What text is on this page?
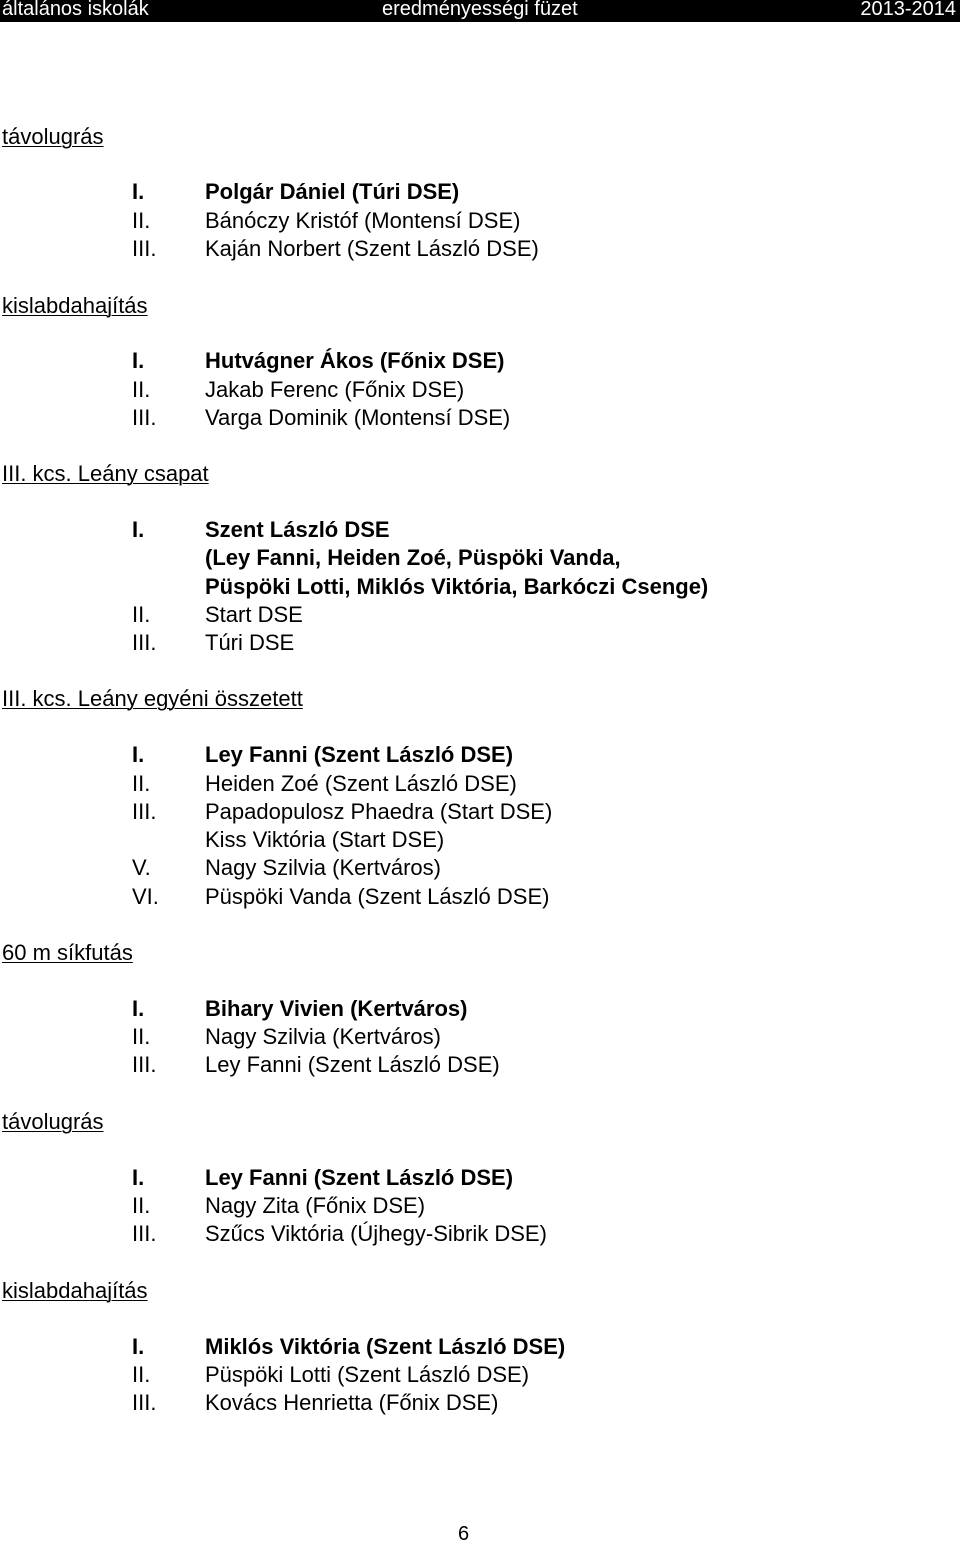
általános iskolák	eredményességi füzet	2013-2014
távolugrás
I.	Polgár Dániel (Túri DSE)
II. Bánóczy Kristóf (Montensí DSE)
III. Kaján Norbert (Szent László DSE)
kislabdahajítás
I.	Hutvágner Ákos (Főnix DSE)
II. Jakab Ferenc (Főnix DSE)
III. Varga Dominik (Montensí DSE)
III. kcs. Leány csapat
I.	Szent László DSE
(Ley Fanni, Heiden Zoé, Püspöki Vanda,
Püspöki Lotti, Miklós Viktória, Barkóczi Csenge)
II. Start DSE
III. Túri DSE
III. kcs. Leány egyéni összetett
I.	Ley Fanni (Szent László DSE)
II. Heiden Zoé (Szent László DSE)
III. Papadopulosz Phaedra (Start DSE)
Kiss Viktória (Start DSE)
V. Nagy Szilvia (Kertváros)
VI. Püspöki Vanda (Szent László DSE)
60 m síkfutás
I.	Bihary Vivien (Kertváros)
II. Nagy Szilvia (Kertváros)
III. Ley Fanni (Szent László DSE)
távolugrás
I.	Ley Fanni (Szent László DSE)
II. Nagy Zita (Főnix DSE)
III. Szűcs Viktória (Újhegy-Sibrik DSE)
kislabdahajítás
I.	Miklós Viktória (Szent László DSE)
II. Püspöki Lotti (Szent László DSE)
III. Kovács Henrietta (Főnix DSE)
6
